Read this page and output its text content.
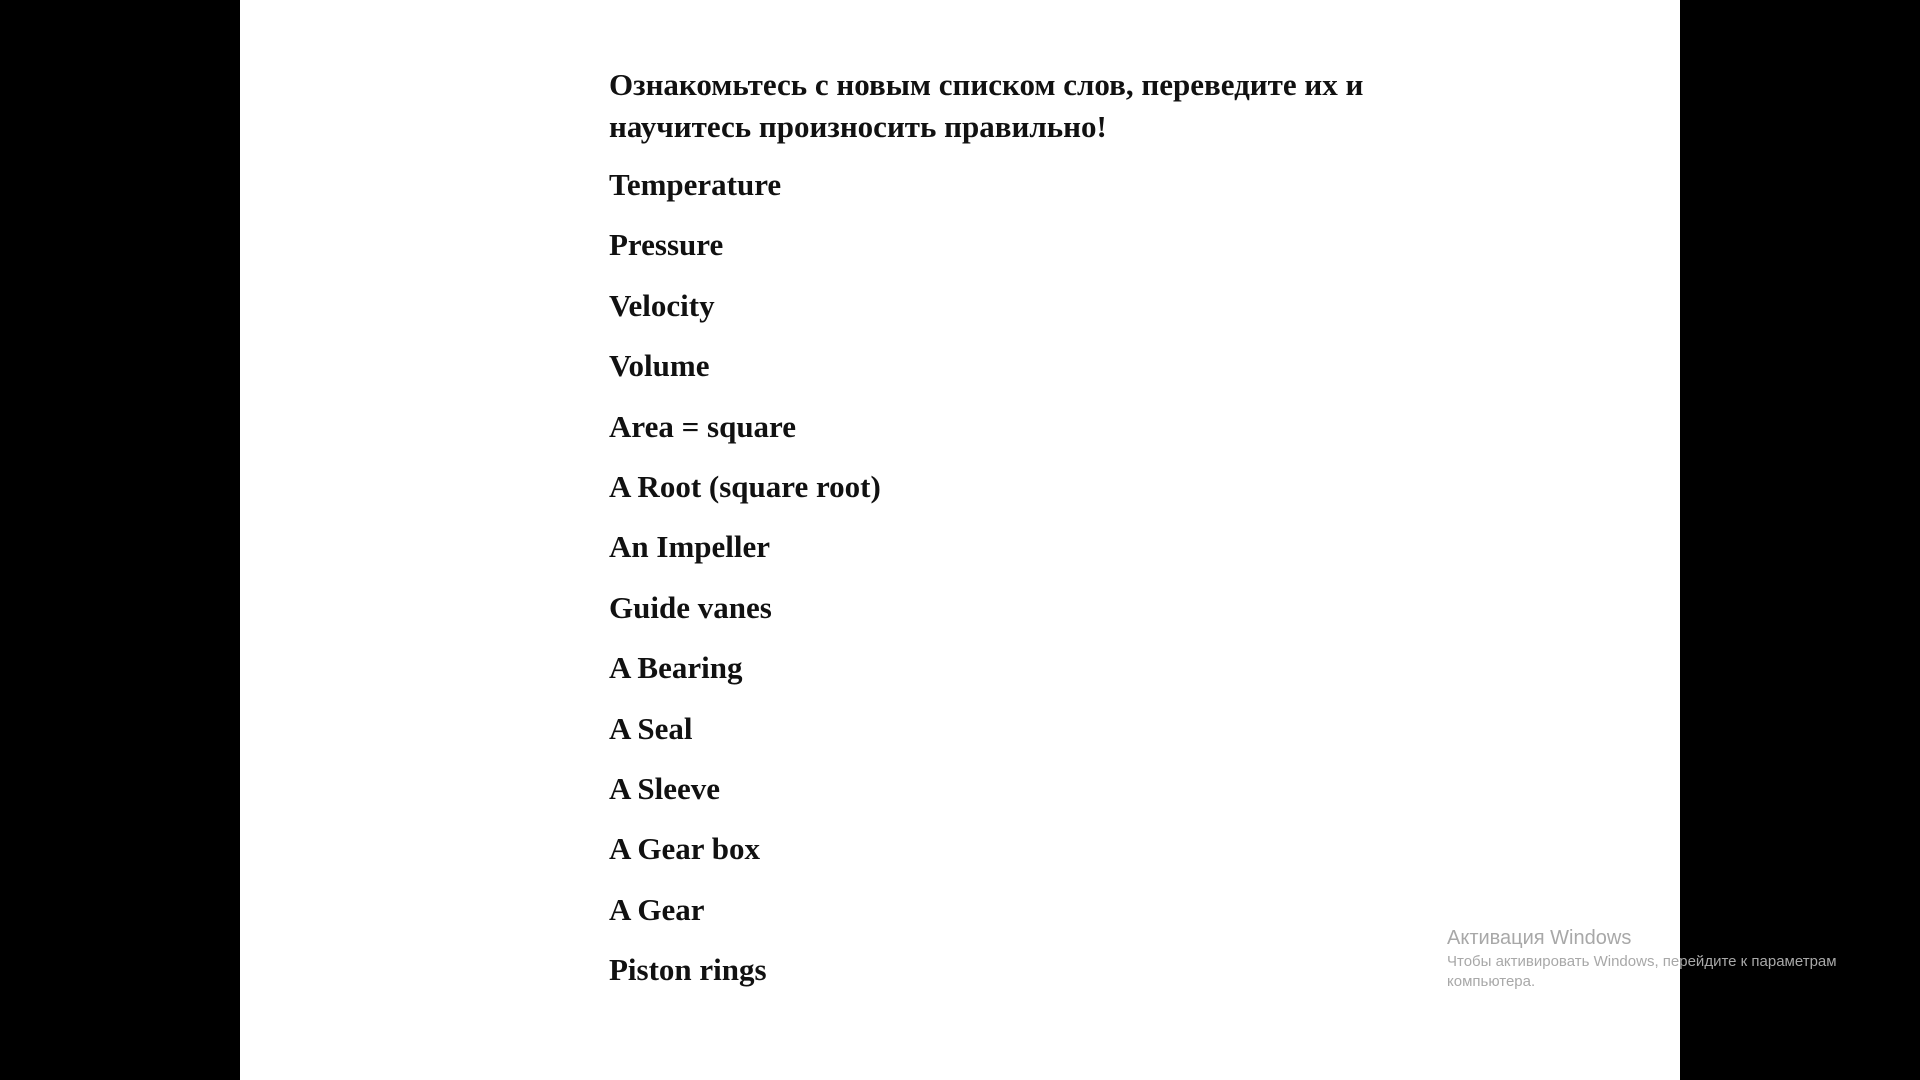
Ознакомьтесь с новым списком слов, переведите их и научитесь произносить правильно!

Temperature
Pressure
Velocity
Volume
Area = square
A Root (square root)
An Impeller
Guide vanes
A Bearing
A Seal
A Sleeve
A Gear box
A Gear
Piston rings
Активация Windows
Чтобы активировать Windows, перейдите к параметрам компьютера.
